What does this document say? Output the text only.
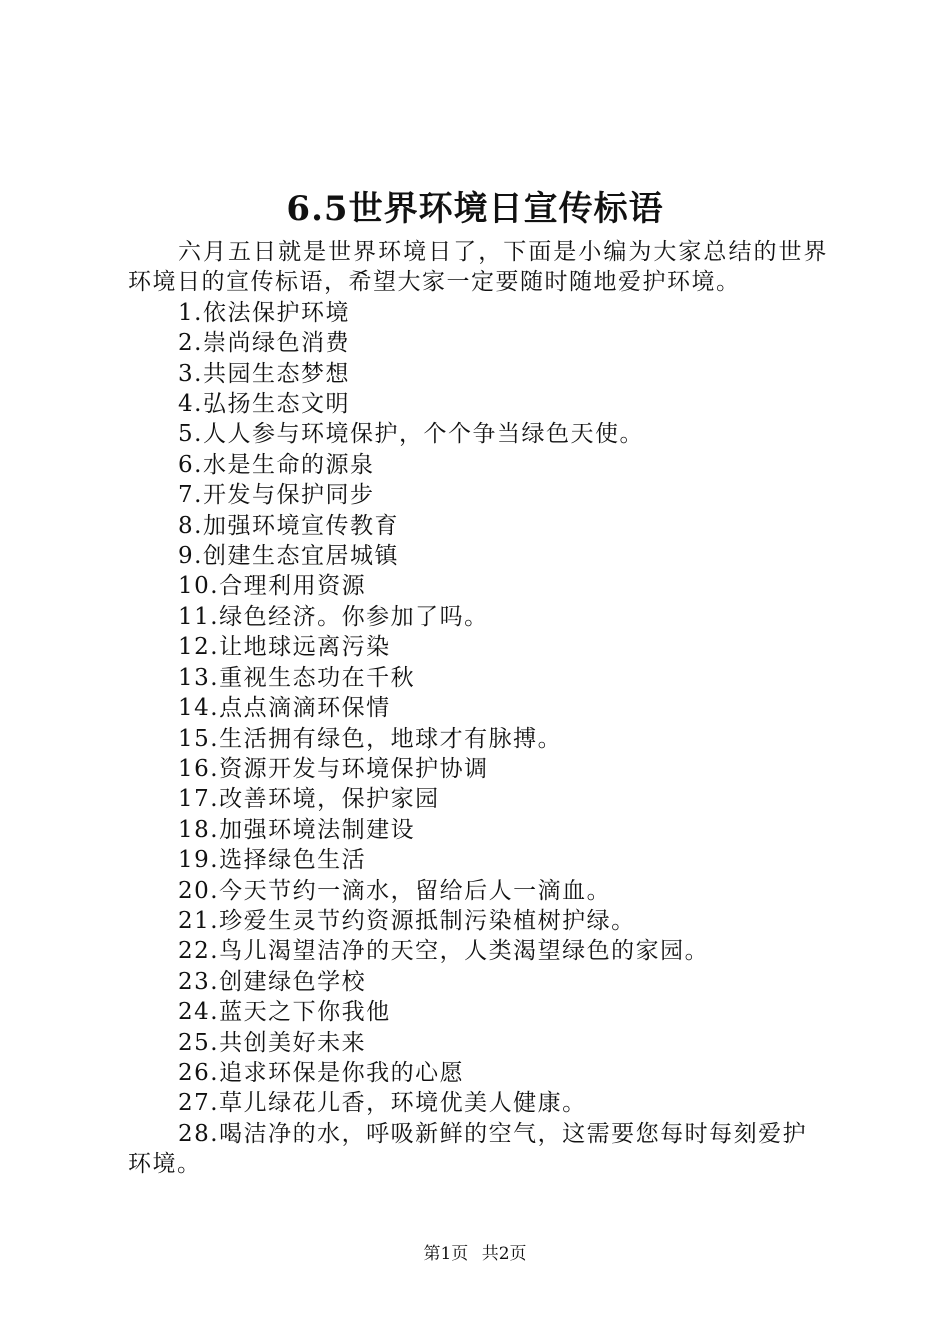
6.5世界环境日宣传标语

六月五日就是世界环境日了，下面是小编为大家总结的世界环境日的宣传标语，希望大家一定要随时随地爱护环境。

1.依法保护环境
2.崇尚绿色消费
3.共园生态梦想
4.弘扬生态文明
5.人人参与环境保护，个个争当绿色天使。
6.水是生命的源泉
7.开发与保护同步
8.加强环境宣传教育
9.创建生态宜居城镇
10.合理利用资源
11.绿色经济。你参加了吗。
12.让地球远离污染
13.重视生态功在千秋
14.点点滴滴环保情
15.生活拥有绿色，地球才有脉搏。
16.资源开发与环境保护协调
17.改善环境，保护家园
18.加强环境法制建设
19.选择绿色生活
20.今天节约一滴水，留给后人一滴血。
21.珍爱生灵节约资源抵制污染植树护绿。
22.鸟儿渴望洁净的天空，人类渴望绿色的家园。
23.创建绿色学校
24.蓝天之下你我他
25.共创美好未来
26.追求环保是你我的心愿
27.草儿绿花儿香，环境优美人健康。
28.喝洁净的水，呼吸新鲜的空气，这需要您每时每刻爱护环境。
第1页 共2页
